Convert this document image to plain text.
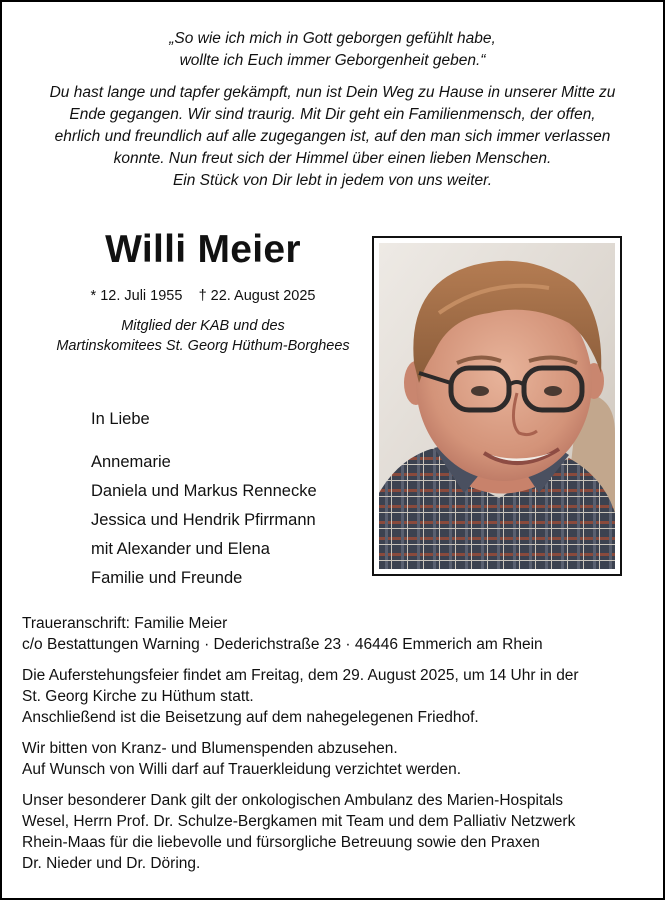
„So wie ich mich in Gott geborgen gefühlt habe,
wollte ich Euch immer Geborgenheit geben.“
Du hast lange und tapfer gekämpft, nun ist Dein Weg zu Hause in unserer Mitte zu
Ende gegangen. Wir sind traurig. Mit Dir geht ein Familienmensch, der offen,
ehrlich und freundlich auf alle zugegangen ist, auf den man sich immer verlassen
konnte. Nun freut sich der Himmel über einen lieben Menschen.
Ein Stück von Dir lebt in jedem von uns weiter.
Willi Meier
* 12. Juli 1955 † 22. August 2025
Mitglied der KAB und des
Martinskomitees St. Georg Hüthum-Borghees
In Liebe
Annemarie
Daniela und Markus Rennecke
Jessica und Hendrik Pfirrmann
mit Alexander und Elena
Familie und Freunde
Traueranschrift: Familie Meier
c/o Bestattungen Warning · Dederichstraße 23 · 46446 Emmerich am Rhein
Die Auferstehungsfeier findet am Freitag, dem 29. August 2025, um 14 Uhr in der
St. Georg Kirche zu Hüthum statt.
Anschließend ist die Beisetzung auf dem nahegelegenen Friedhof.
Wir bitten von Kranz- und Blumenspenden abzusehen.
Auf Wunsch von Willi darf auf Trauerkleidung verzichtet werden.
Unser besonderer Dank gilt der onkologischen Ambulanz des Marien-Hospitals
Wesel, Herrn Prof. Dr. Schulze-Bergkamen mit Team und dem Palliativ Netzwerk
Rhein-Maas für die liebevolle und fürsorgliche Betreuung sowie den Praxen
Dr. Nieder und Dr. Döring.
